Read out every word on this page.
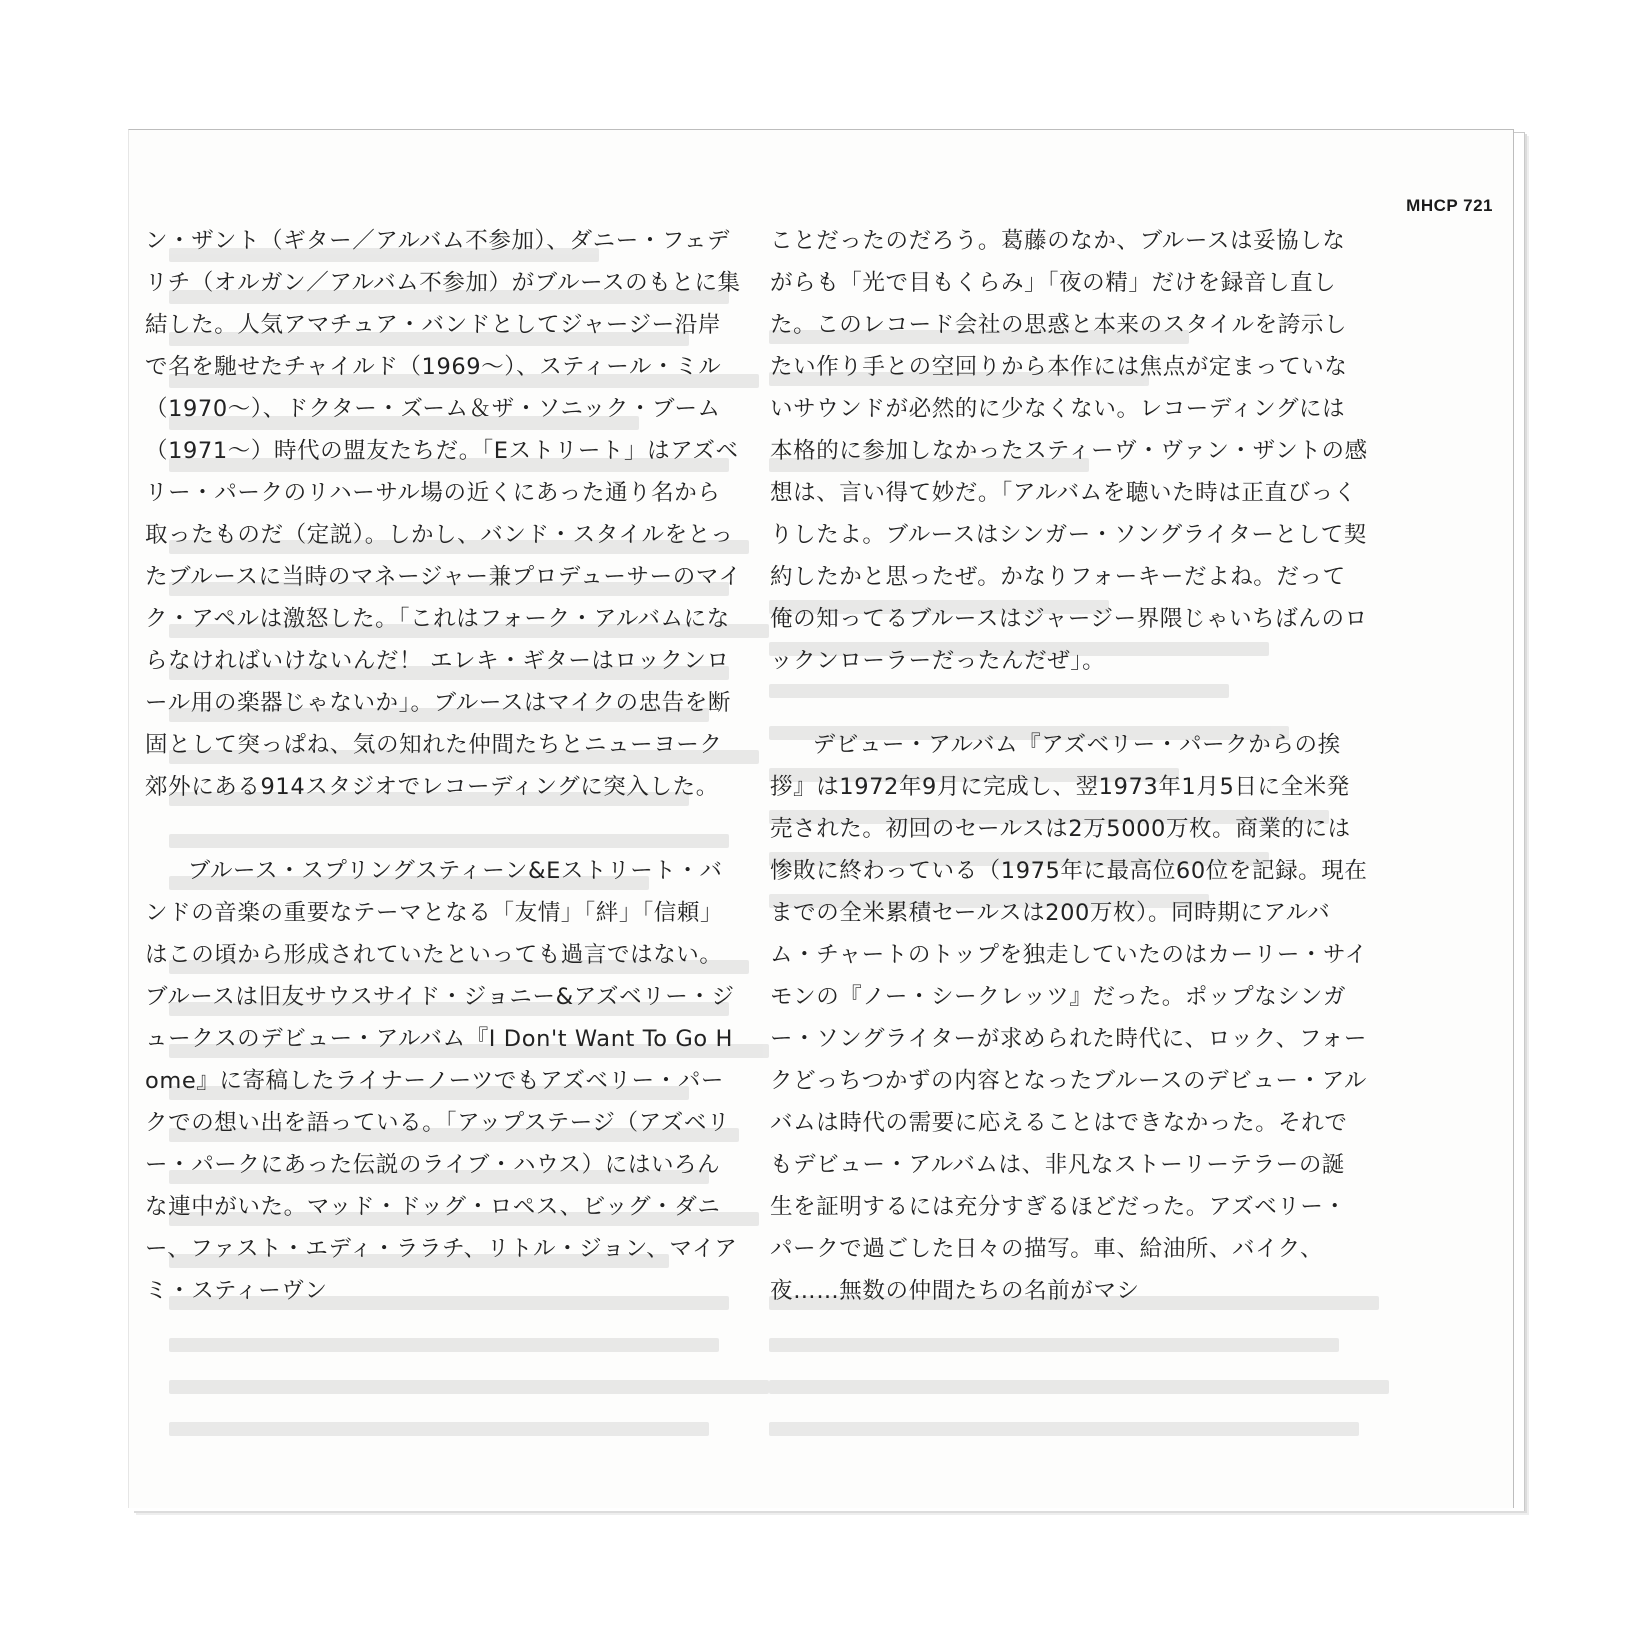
MHCP 721

ン・ザント（ギター／アルバム不参加）、ダニー・フェデリチ（オルガン／アルバム不参加）がブルースのもとに集結した。人気アマチュア・バンドとしてジャージー沿岸で名を馳せたチャイルド（1969〜）、スティール・ミル（1970〜）、ドクター・ズーム＆ザ・ソニック・ブーム（1971〜）時代の盟友たちだ。「Eストリート」はアズベリー・パークのリハーサル場の近くにあった通り名から取ったものだ（定説）。しかし、バンド・スタイルをとったブルースに当時のマネージャー兼プロデューサーのマイク・アペルは激怒した。「これはフォーク・アルバムにならなければいけないんだ！ エレキ・ギターはロックンロール用の楽器じゃないか」。ブルースはマイクの忠告を断固として突っぱね、気の知れた仲間たちとニューヨーク郊外にある914スタジオでレコーディングに突入した。

ブルース・スプリングスティーン&Eストリート・バンドの音楽の重要なテーマとなる「友情」「絆」「信頼」はこの頃から形成されていたといっても過言ではない。ブルースは旧友サウスサイド・ジョニー&アズベリー・ジュークスのデビュー・アルバム『I Don't Want To Go Home』に寄稿したライナーノーツでもアズベリー・パークでの想い出を語っている。「アップステージ（アズベリー・パークにあった伝説のライブ・ハウス）にはいろんな連中がいた。マッド・ドッグ・ロペス、ビッグ・ダニー、ファスト・エディ・ララチ、リトル・ジョン、マイアミ・スティーヴン

ことだったのだろう。葛藤のなか、ブルースは妥協しながらも「光で目もくらみ」「夜の精」だけを録音し直した。このレコード会社の思惑と本来のスタイルを誇示したい作り手との空回りから本作には焦点が定まっていないサウンドが必然的に少なくない。レコーディングには本格的に参加しなかったスティーヴ・ヴァン・ザントの感想は、言い得て妙だ。「アルバムを聴いた時は正直びっくりしたよ。ブルースはシンガー・ソングライターとして契約したかと思ったぜ。かなりフォーキーだよね。だって俺の知ってるブルースはジャージー界隈じゃいちばんのロックンローラーだったんだぜ」。

デビュー・アルバム『アズベリー・パークからの挨拶』は1972年9月に完成し、翌1973年1月5日に全米発売された。初回のセールスは2万5000万枚。商業的には惨敗に終わっている（1975年に最高位60位を記録。現在までの全米累積セールスは200万枚）。同時期にアルバム・チャートのトップを独走していたのはカーリー・サイモンの『ノー・シークレッツ』だった。ポップなシンガー・ソングライターが求められた時代に、ロック、フォークどっちつかずの内容となったブルースのデビュー・アルバムは時代の需要に応えることはできなかった。それでもデビュー・アルバムは、非凡なストーリーテラーの誕生を証明するには充分すぎるほどだった。アズベリー・パークで過ごした日々の描写。車、給油所、バイク、夜……無数の仲間たちの名前がマシ
